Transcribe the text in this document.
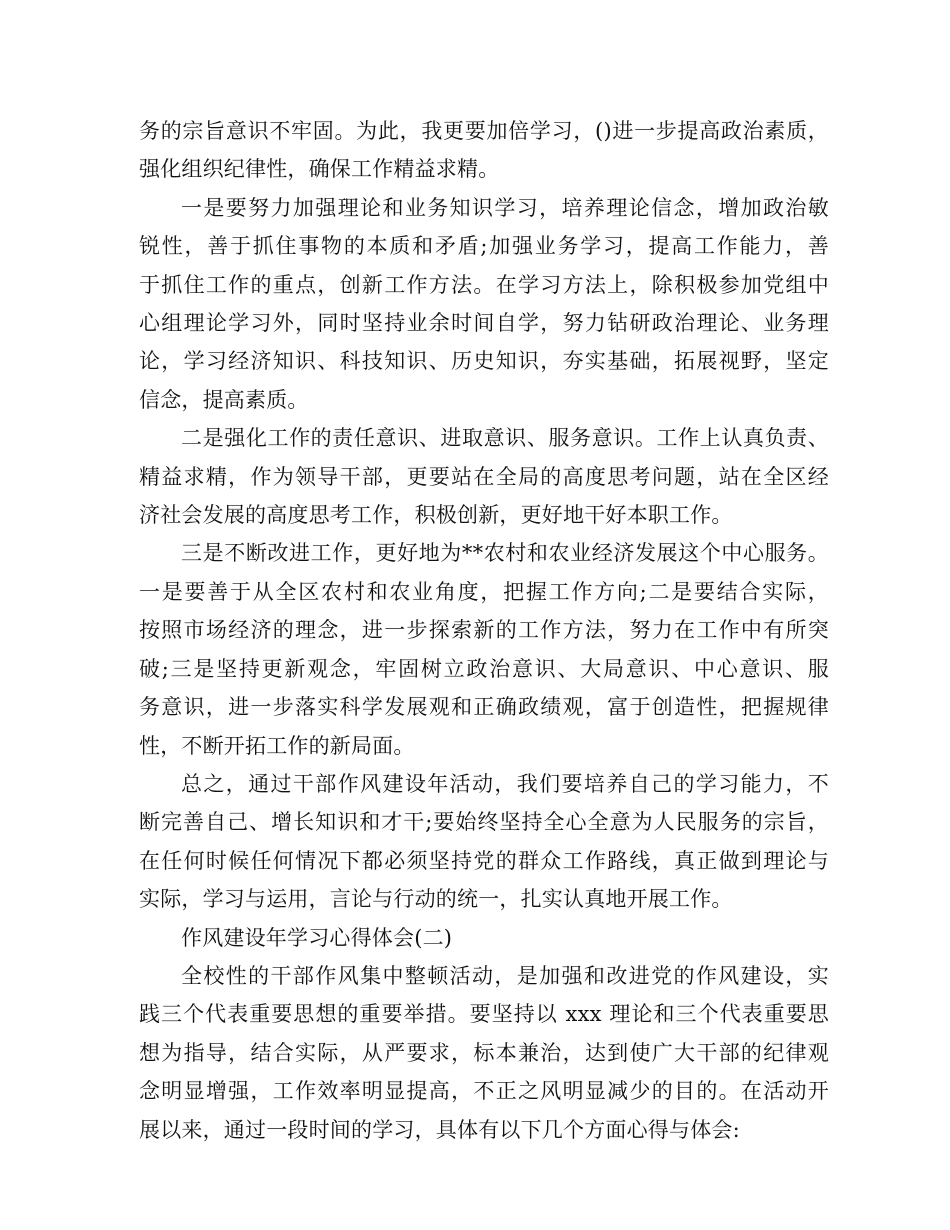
务的宗旨意识不牢固。为此，我更要加倍学习，()进一步提高政治素质，
强化组织纪律性，确保工作精益求精。

一是要努力加强理论和业务知识学习，培养理论信念，增加政治敏
锐性，善于抓住事物的本质和矛盾;加强业务学习，提高工作能力，善
于抓住工作的重点，创新工作方法。在学习方法上，除积极参加党组中
心组理论学习外，同时坚持业余时间自学，努力钻研政治理论、业务理
论，学习经济知识、科技知识、历史知识，夯实基础，拓展视野，坚定
信念，提高素质。

二是强化工作的责任意识、进取意识、服务意识。工作上认真负责、
精益求精，作为领导干部，更要站在全局的高度思考问题，站在全区经
济社会发展的高度思考工作，积极创新，更好地干好本职工作。

三是不断改进工作，更好地为**农村和农业经济发展这个中心服务。
一是要善于从全区农村和农业角度，把握工作方向;二是要结合实际，
按照市场经济的理念，进一步探索新的工作方法，努力在工作中有所突
破;三是坚持更新观念，牢固树立政治意识、大局意识、中心意识、服
务意识，进一步落实科学发展观和正确政绩观，富于创造性，把握规律
性，不断开拓工作的新局面。

总之，通过干部作风建设年活动，我们要培养自己的学习能力，不
断完善自己、增长知识和才干;要始终坚持全心全意为人民服务的宗旨，
在任何时候任何情况下都必须坚持党的群众工作路线，真正做到理论与
实际，学习与运用，言论与行动的统一，扎实认真地开展工作。

作风建设年学习心得体会(二)

全校性的干部作风集中整顿活动，是加强和改进党的作风建设，实
践三个代表重要思想的重要举措。要坚持以 xxx 理论和三个代表重要思
想为指导，结合实际，从严要求，标本兼治，达到使广大干部的纪律观
念明显增强，工作效率明显提高，不正之风明显减少的目的。在活动开
展以来，通过一段时间的学习，具体有以下几个方面心得与体会:
